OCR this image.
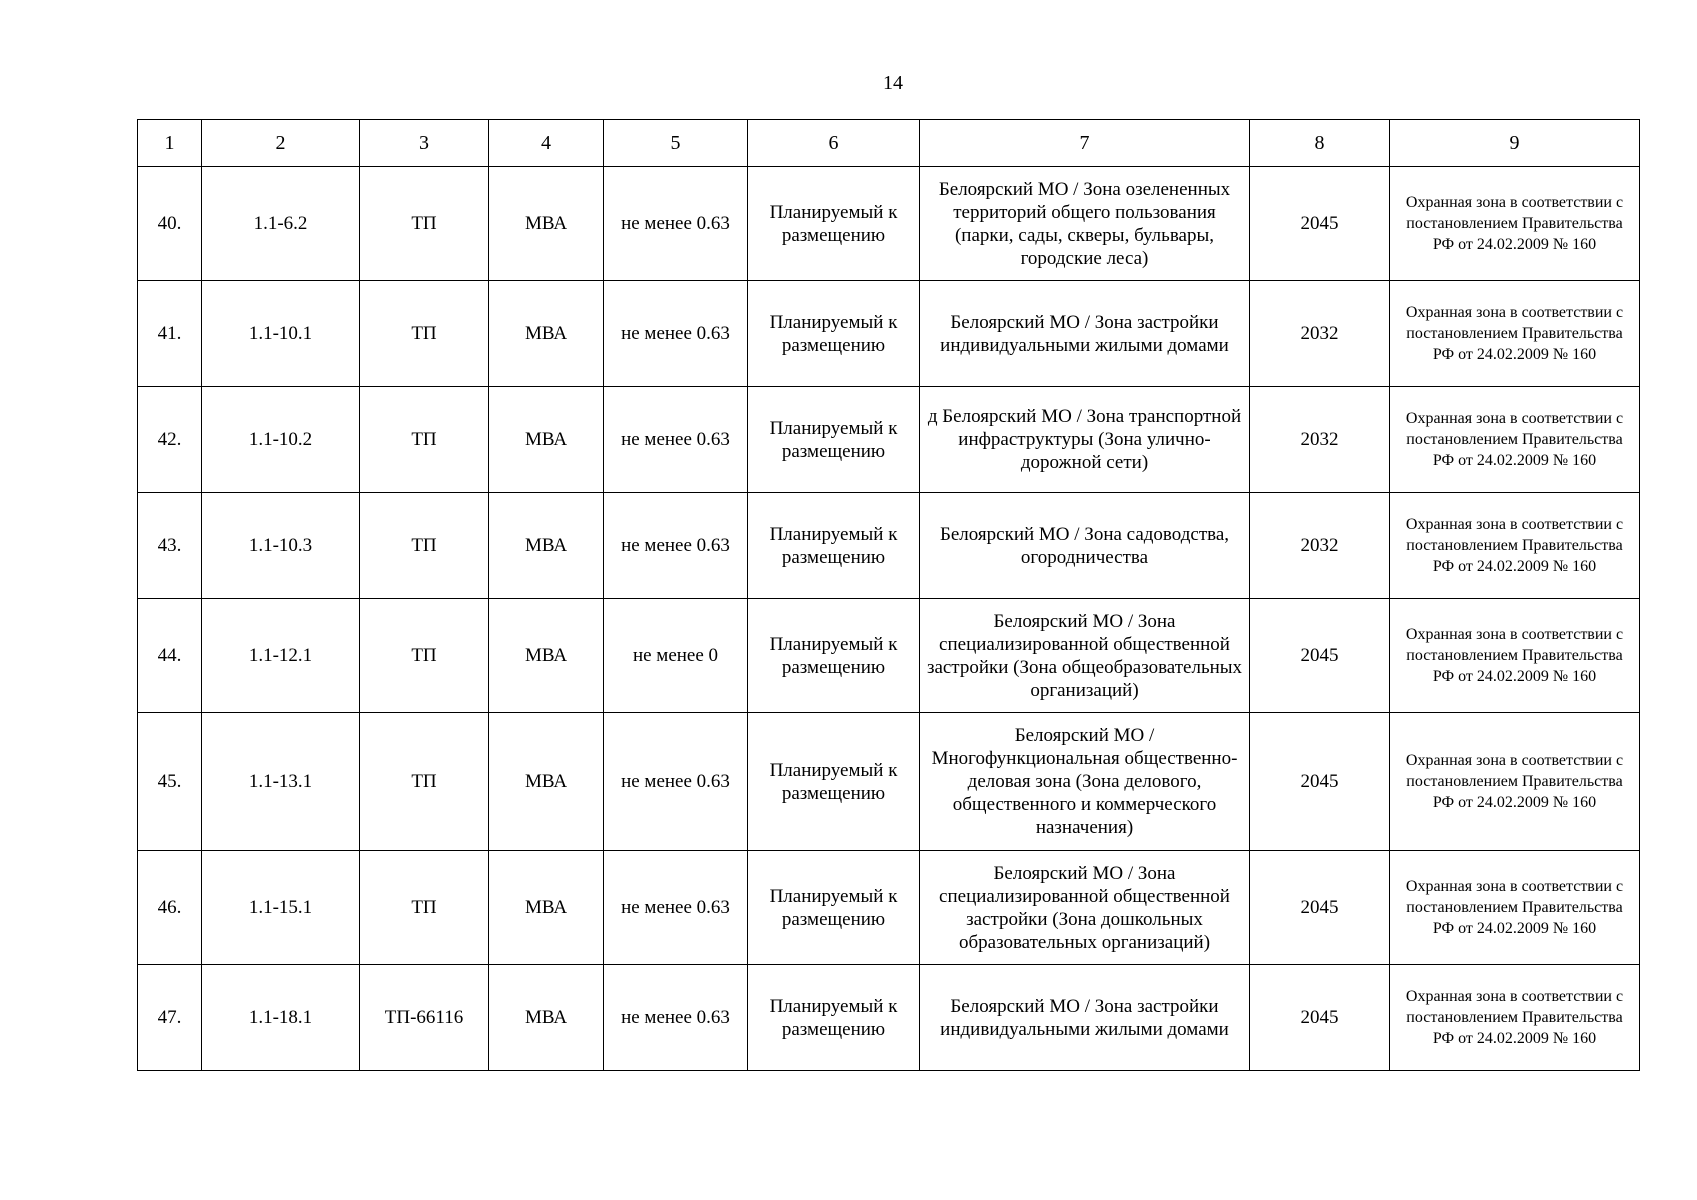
14
1	2	3	4	5	6	7	8	9
40.	1.1-6.2	ТП	МВА	не менее 0.63	Планируемый к размещению	Белоярский МО / Зона озелененных территорий общего пользования (парки, сады, скверы, бульвары, городские леса)	2045	Охранная зона в соответствии с постановлением Правительства РФ от 24.02.2009 № 160
41.	1.1-10.1	ТП	МВА	не менее 0.63	Планируемый к размещению	Белоярский МО / Зона застройки индивидуальными жилыми домами	2032	Охранная зона в соответствии с постановлением Правительства РФ от 24.02.2009 № 160
42.	1.1-10.2	ТП	МВА	не менее 0.63	Планируемый к размещению	д Белоярский МО / Зона транспортной инфраструктуры (Зона улично-дорожной сети)	2032	Охранная зона в соответствии с постановлением Правительства РФ от 24.02.2009 № 160
43.	1.1-10.3	ТП	МВА	не менее 0.63	Планируемый к размещению	Белоярский МО / Зона садоводства, огородничества	2032	Охранная зона в соответствии с постановлением Правительства РФ от 24.02.2009 № 160
44.	1.1-12.1	ТП	МВА	не менее 0	Планируемый к размещению	Белоярский МО / Зона специализированной общественной застройки (Зона общеобразовательных организаций)	2045	Охранная зона в соответствии с постановлением Правительства РФ от 24.02.2009 № 160
45.	1.1-13.1	ТП	МВА	не менее 0.63	Планируемый к размещению	Белоярский МО / Многофункциональная общественно-деловая зона (Зона делового, общественного и коммерческого назначения)	2045	Охранная зона в соответствии с постановлением Правительства РФ от 24.02.2009 № 160
46.	1.1-15.1	ТП	МВА	не менее 0.63	Планируемый к размещению	Белоярский МО / Зона специализированной общественной застройки (Зона дошкольных образовательных организаций)	2045	Охранная зона в соответствии с постановлением Правительства РФ от 24.02.2009 № 160
47.	1.1-18.1	ТП-66116	МВА	не менее 0.63	Планируемый к размещению	Белоярский МО / Зона застройки индивидуальными жилыми домами	2045	Охранная зона в соответствии с постановлением Правительства РФ от 24.02.2009 № 160
